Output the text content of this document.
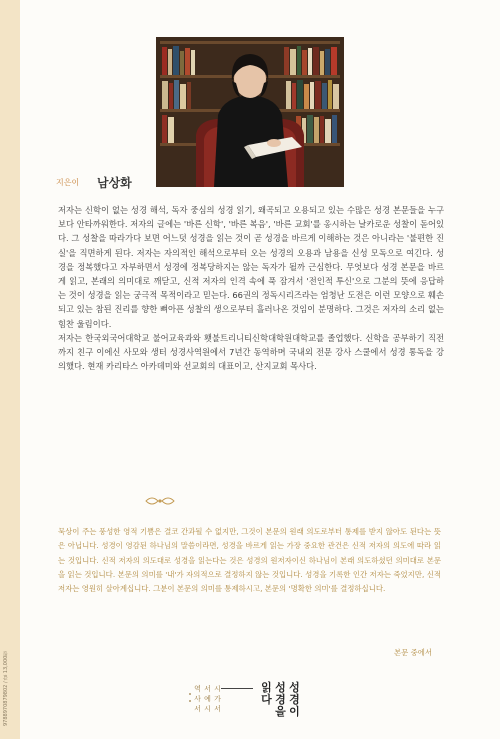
9788970879802 / 값 13,000원
지은이 남상화

저자는 신학이 없는 성경 해석, 독자 중심의 성경 읽기, 왜곡되고 오용되고 있는 수많은 성경 본문들을 누구보다 안타까워한다. 저자의 글에는 '바른 신학', '바른 복음', '바른 교회'를 옹시하는 날카로운 성찰이 돋어있다. 그 성찰을 따라가다 보면 어느덧 성경을 읽는 것이 곧 성경을 바르게 이해하는 것은 아니라는 '불편한 진실'을 직면하게 된다. 저자는 자의적인 해석으로부터 오는 성경의 오용과 남용을 신성 모독으로 여긴다. 성경을 정복했다고 자부하면서 성경에 정복당하지는 않는 독자가 될까 근심한다. 무엇보다 성경 본문을 바르게 읽고, 본래의 의미대로 깨닫고, 신적 저자의 인격 속에 푹 잠겨서 '전인적 투신'으로 그분의 뜻에 응답하는 것이 성경을 읽는 궁극적 목적이라고 믿는다. 66권의 정독시리즈라는 엄청난 도전은 이런 모양으로 훼손되고 있는 참된 진리를 향한 뼈아픈 성찰의 생으로부터 흘러나온 것임이 분명하다. 그것은 저자의 소리 없는 힘찬 울림이다.

저자는 한국외국어대학교 불어교육과와 횃불트리니티신학대학원대학교를 졸업했다. 신학을 공부하기 직전까지 친구 이에신 사모와 생터 성경사역원에서 7년간 동역하며 국내외 전문 강사 스쿨에서 성경 통독을 강의했다. 현재 카리타스 아카데미와 선교회의 대표이고, 산지교회 목사다.

묵상이 주는 풍성한 영적 기쁨은 결코 간과될 수 없지만, 그것이 본문의 원래 의도로부터 통제를 받지 않아도 된다는 뜻은 아닙니다. 성경이 영감된 하나님의 말씀이라면, 성경을 바르게 읽는 가장 중요한 관건은 신적 저자의 의도에 따라 읽는 것입니다. 신적 저자의 의도대로 성경을 읽는다는 것은 성경의 원저자이신 하나님이 본래 의도하셨던 의미대로 본문을 읽는 것입니다. 본문의 의미를 '내'가 자의적으로 결정하지 않는 것입니다. 성경을 기록한 인간 저자는 죽었지만, 신적 저자는 영원히 살아계십니다. 그분이 본문의 의미를 통제하시고, 본문의 '명확한 의미'를 결정하십니다.
본문 중에서
역사서
서예시
시가서
읽 다
성경을
성경이
